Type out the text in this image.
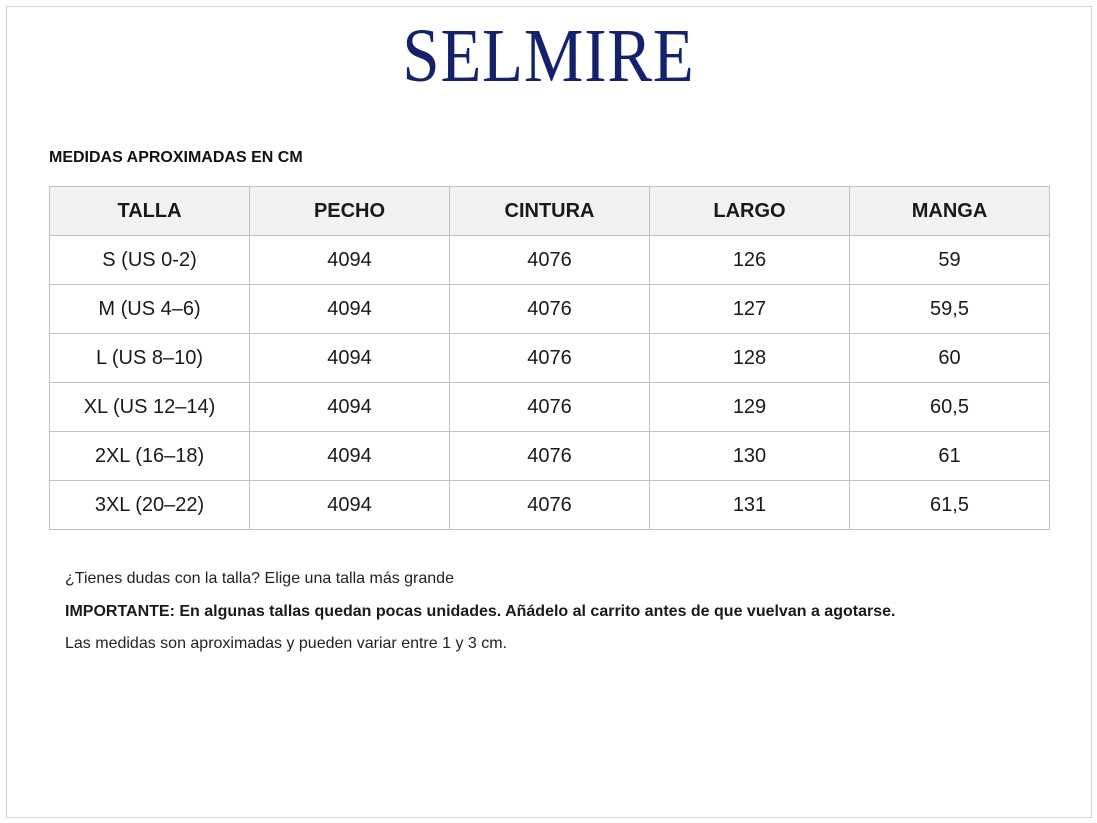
SELMIRE
MEDIDAS APROXIMADAS EN CM
TALLA	PECHO	CINTURA	LARGO	MANGA
S (US 0-2)	4094	4076	126	59
M (US 4–6)	4094	4076	127	59,5
L (US 8–10)	4094	4076	128	60
XL (US 12–14)	4094	4076	129	60,5
2XL (16–18)	4094	4076	130	61
3XL (20–22)	4094	4076	131	61,5

¿Tienes dudas con la talla? Elige una talla más grande

IMPORTANTE: En algunas tallas quedan pocas unidades. Añádelo al carrito antes de que vuelvan a agotarse.

Las medidas son aproximadas y pueden variar entre 1 y 3 cm.
